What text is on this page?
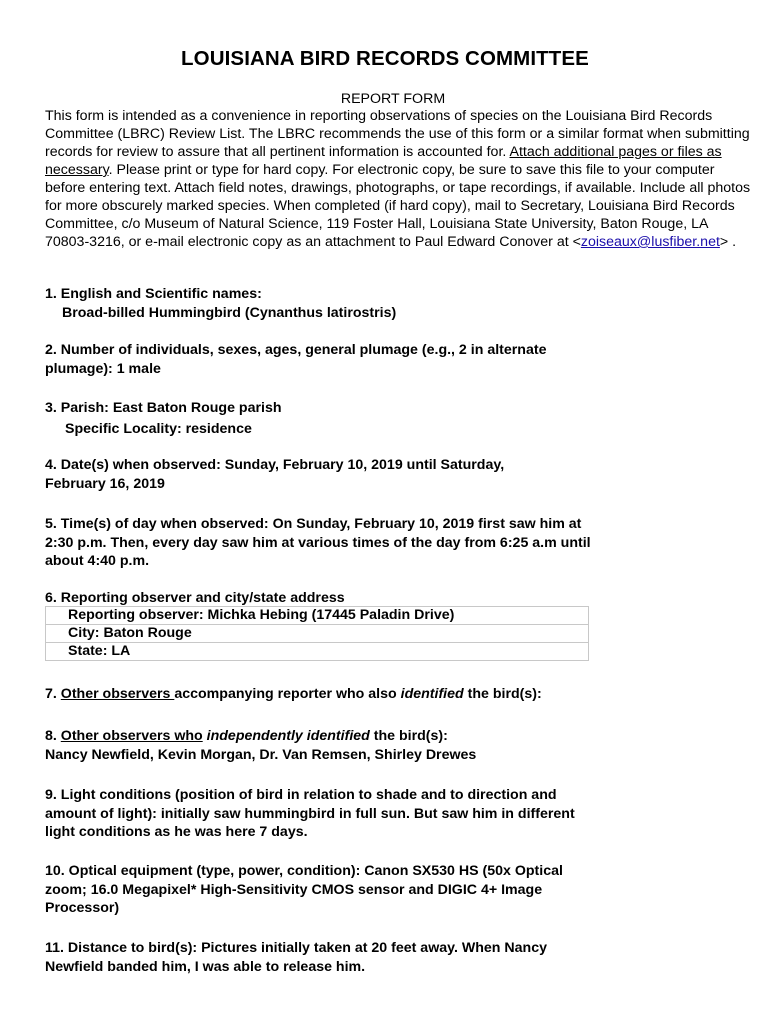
LOUISIANA BIRD RECORDS COMMITTEE
REPORT FORM
This form is intended as a convenience in reporting observations of species on the Louisiana Bird Records Committee (LBRC) Review List. The LBRC recommends the use of this form or a similar format when submitting records for review to assure that all pertinent information is accounted for. Attach additional pages or files as necessary. Please print or type for hard copy. For electronic copy, be sure to save this file to your computer before entering text. Attach field notes, drawings, photographs, or tape recordings, if available. Include all photos for more obscurely marked species. When completed (if hard copy), mail to Secretary, Louisiana Bird Records Committee, c/o Museum of Natural Science, 119 Foster Hall, Louisiana State University, Baton Rouge, LA 70803-3216, or e-mail electronic copy as an attachment to Paul Edward Conover at <zoiseaux@lusfiber.net> .
1. English and Scientific names:
Broad-billed Hummingbird (Cynanthus latirostris)
2. Number of individuals, sexes, ages, general plumage (e.g., 2 in alternate plumage): 1 male
3. Parish: East Baton Rouge parish
Specific Locality: residence
4. Date(s) when observed: Sunday, February 10, 2019 until Saturday, February 16, 2019
5. Time(s) of day when observed: On Sunday, February 10, 2019 first saw him at 2:30 p.m. Then, every day saw him at various times of the day from 6:25 a.m until about 4:40 p.m.
6. Reporting observer and city/state address
Reporting observer: Michka Hebing (17445 Paladin Drive)
City: Baton Rouge
State: LA
7. Other observers accompanying reporter who also identified the bird(s):
8. Other observers who independently identified the bird(s):
Nancy Newfield, Kevin Morgan, Dr. Van Remsen, Shirley Drewes
9. Light conditions (position of bird in relation to shade and to direction and amount of light): initially saw hummingbird in full sun. But saw him in different light conditions as he was here 7 days.
10. Optical equipment (type, power, condition): Canon SX530 HS (50x Optical zoom; 16.0 Megapixel* High-Sensitivity CMOS sensor and DIGIC 4+ Image Processor)
11. Distance to bird(s): Pictures initially taken at 20 feet away. When Nancy Newfield banded him, I was able to release him.
